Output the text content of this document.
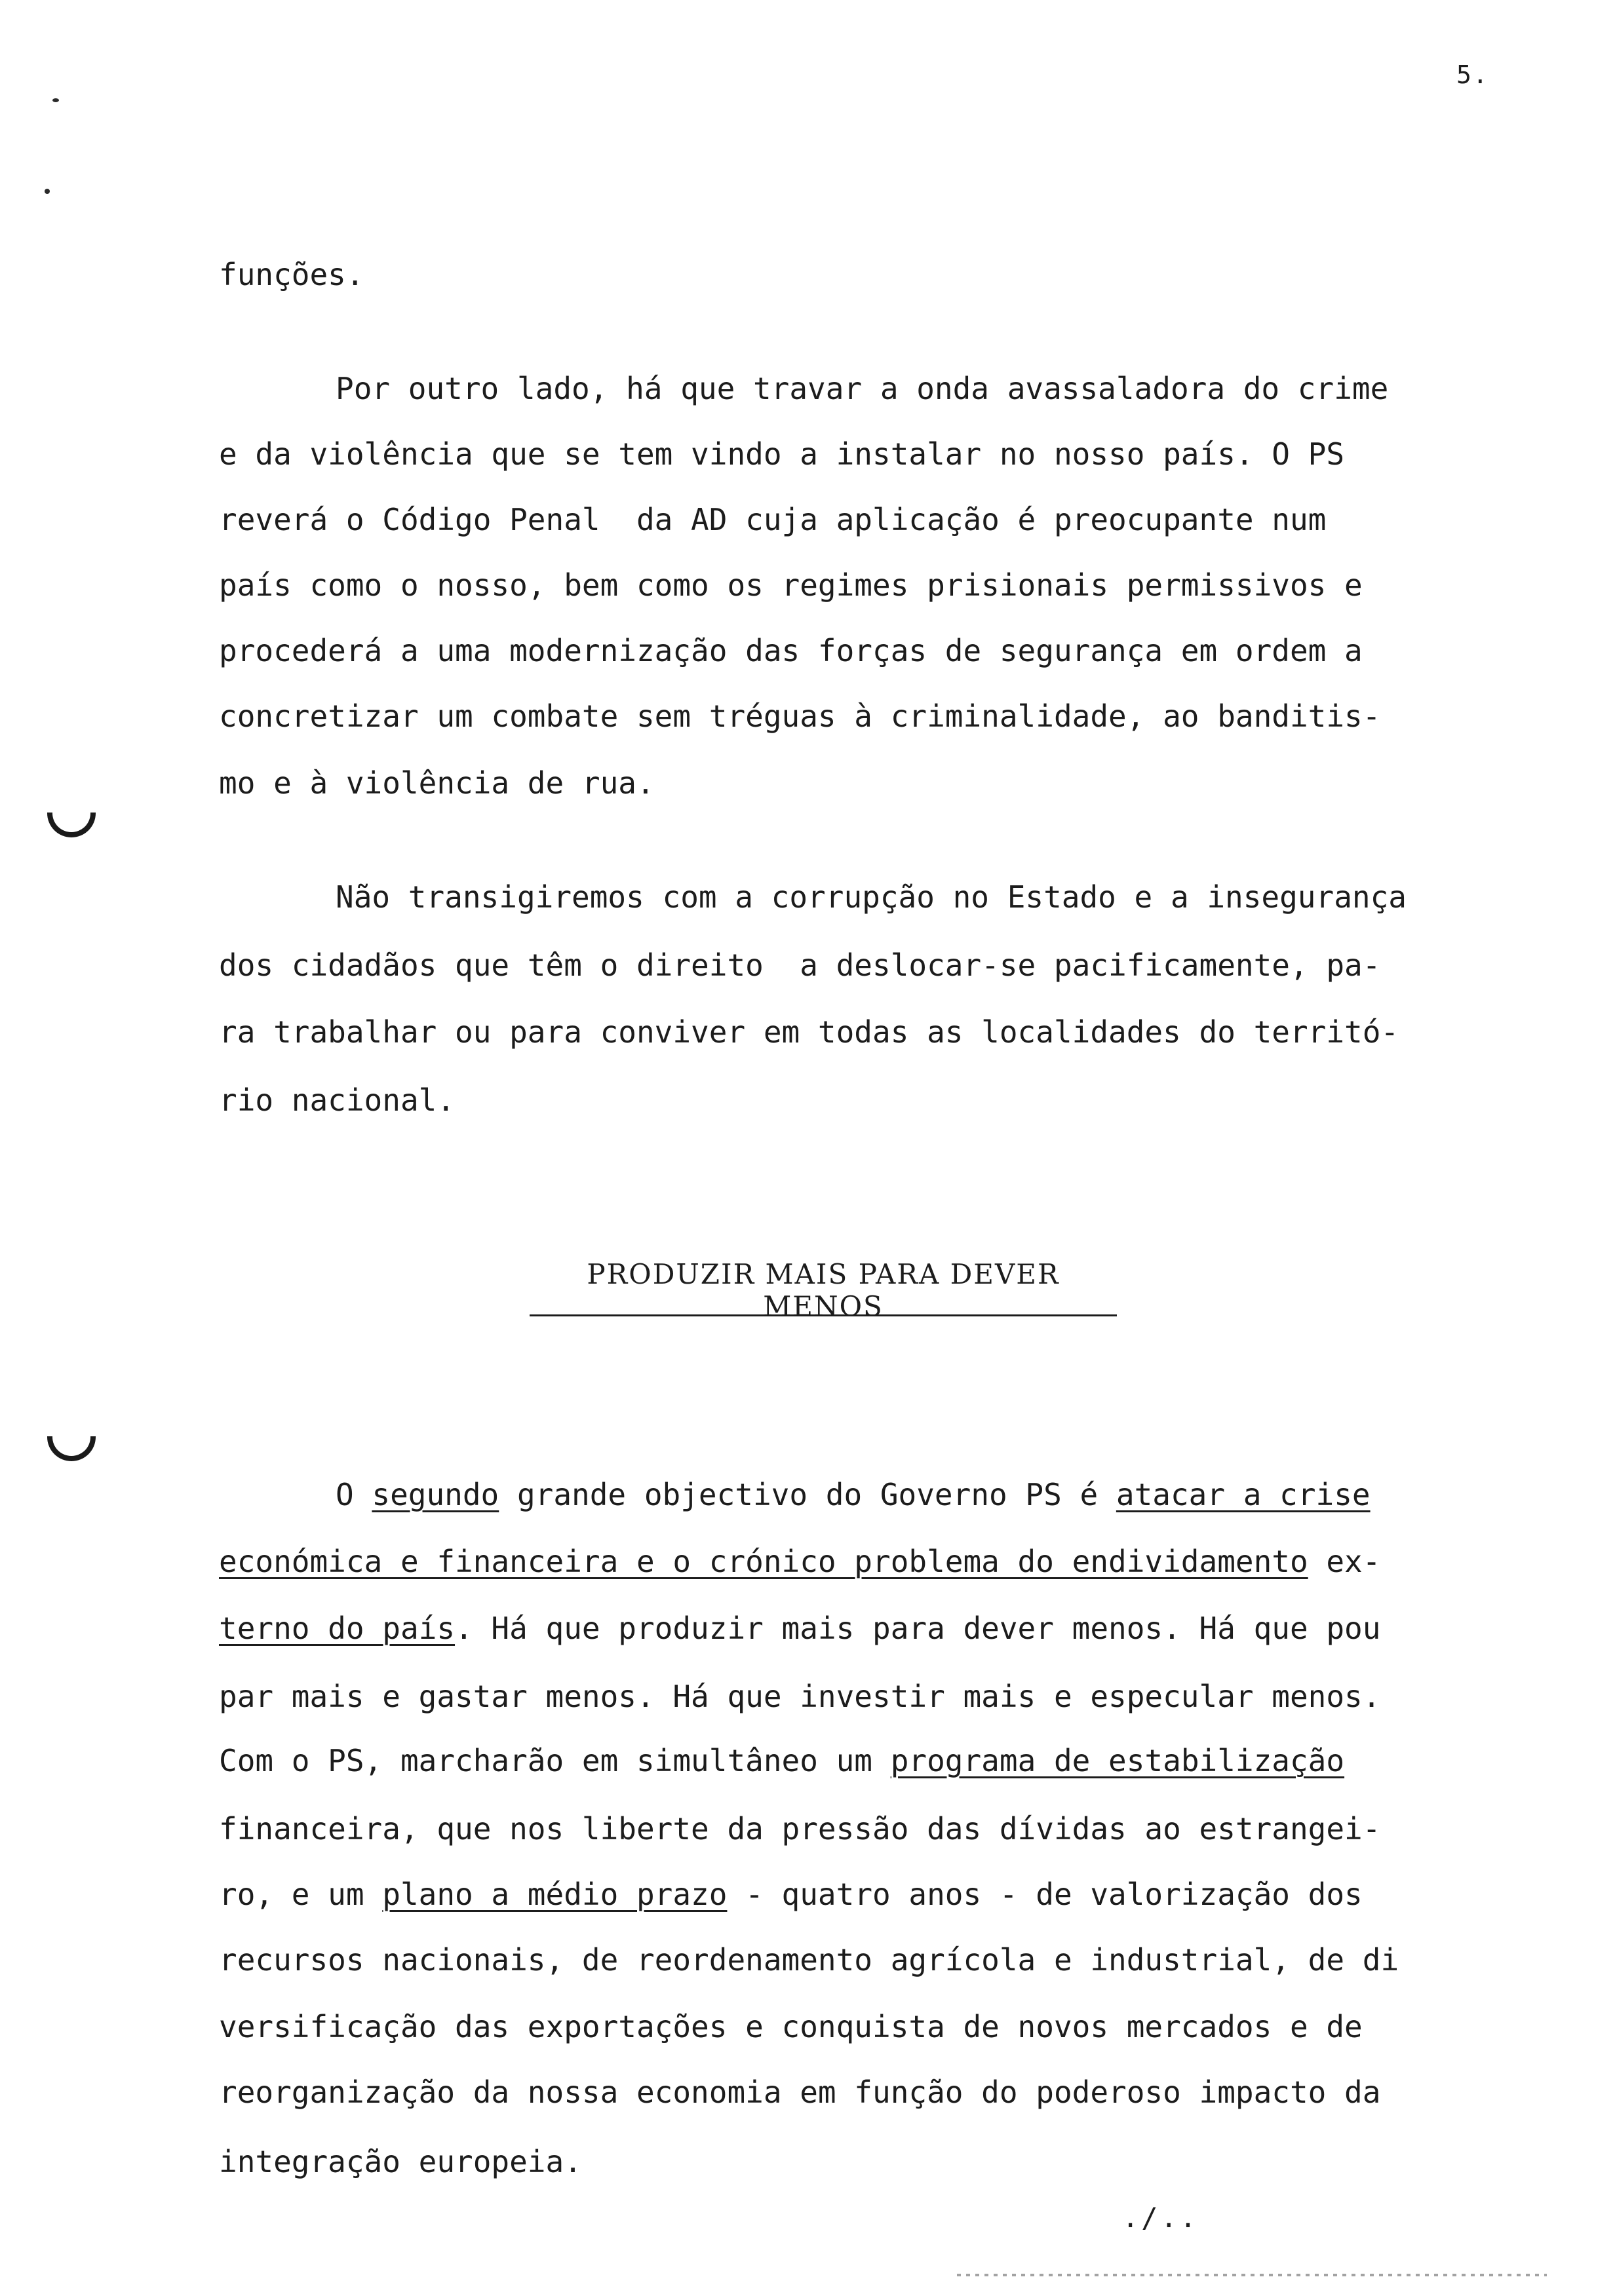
5.
funções.
Por outro lado, há que travar a onda avassaladora do crime
e da violência que se tem vindo a instalar no nosso país. O PS
reverá o Código Penal  da AD cuja aplicação é preocupante num
país como o nosso, bem como os regimes prisionais permissivos e
procederá a uma modernização das forças de segurança em ordem a
concretizar um combate sem tréguas à criminalidade, ao banditis-
mo e à violência de rua.
Não transigiremos com a corrupção no Estado e a insegurança
dos cidadãos que têm o direito  a deslocar-se pacificamente, pa-
ra trabalhar ou para conviver em todas as localidades do territó-
rio nacional.
PRODUZIR MAIS PARA DEVER MENOS
O segundo grande objectivo do Governo PS é atacar a crise
económica e financeira e o crónico problema do endividamento ex-
terno do país. Há que produzir mais para dever menos. Há que pou
par mais e gastar menos. Há que investir mais e especular menos.
Com o PS, marcharão em simultâneo um programa de estabilização
financeira, que nos liberte da pressão das dívidas ao estrangei-
ro, e um plano a médio prazo - quatro anos - de valorização dos
recursos nacionais, de reordenamento agrícola e industrial, de di
versificação das exportações e conquista de novos mercados e de
reorganização da nossa economia em função do poderoso impacto da
integração europeia.
./..
